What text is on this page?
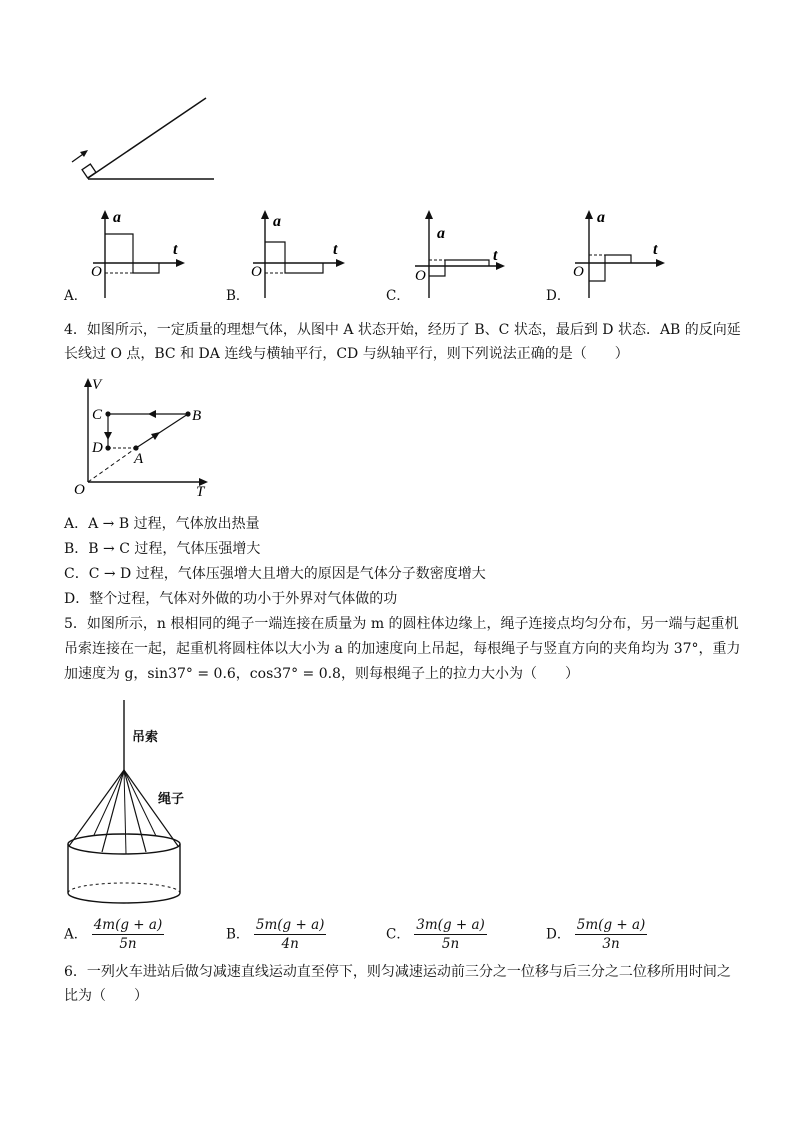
a
t
O
a
t
O
a
t
O
a
t
O
A．	B．	C．	D．
4．如图所示，一定质量的理想气体，从图中 A 状态开始，经历了 B、C 状态，最后到 D 状态．AB 的反向延
长线过 O 点，BC 和 DA 连线与横轴平行，CD 与纵轴平行，则下列说法正确的是（　　）
V
T
O
C	B
D
A
A．A → B 过程，气体放出热量
B．B → C 过程，气体压强增大
C．C → D 过程，气体压强增大且增大的原因是气体分子数密度增大
D．整个过程，气体对外做的功小于外界对气体做的功
5．如图所示，n 根相同的绳子一端连接在质量为 m 的圆柱体边缘上，绳子连接点均匀分布，另一端与起重机
吊索连接在一起，起重机将圆柱体以大小为 a 的加速度向上吊起，每根绳子与竖直方向的夹角均为 37°，重力
加速度为 g，sin37° = 0.6，cos37° = 0.8，则每根绳子上的拉力大小为（　　）
吊索
绳子
A． $\frac{4m(g + a)}{5n}$	B． $\frac{5m(g + a)}{4n}$	C． $\frac{3m(g + a)}{5n}$	D． $\frac{5m(g + a)}{3n}$
6．一列火车进站后做匀减速直线运动直至停下，则匀减速运动前三分之一位移与后三分之二位移所用时间之
比为（　　）
